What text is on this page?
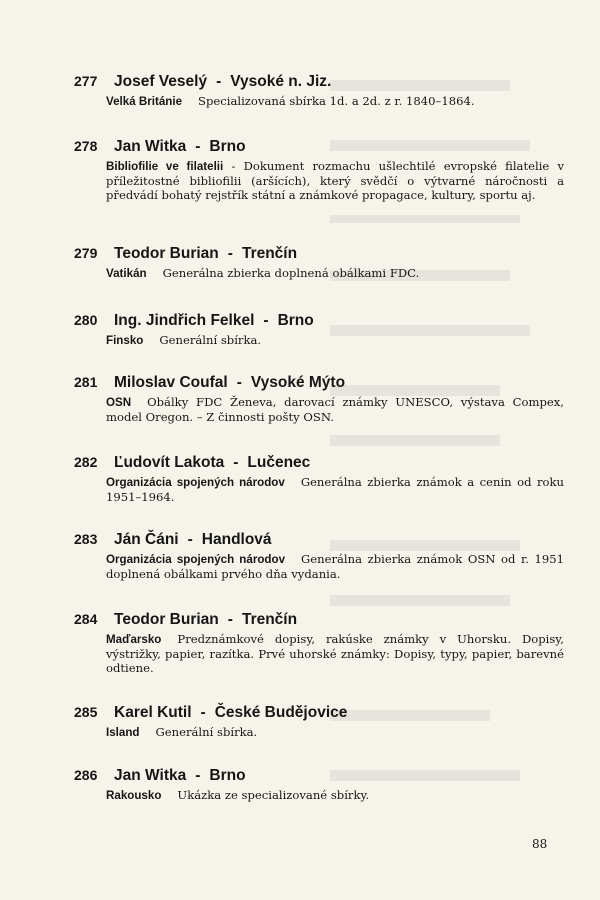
277 Josef Veselý - Vysoké n. Jiz.
Velká Británie Specializovaná sbírka 1d. a 2d. z r. 1840–1864.
278 Jan Witka - Brno
Bibliofilie ve filatelii - Dokument rozmachu ušlechtilé evropské filatelie v příležitostné bibliofilii (aršících), který svědčí o výtvarné náročnosti a předvádí bohatý rejstřík státní a známkové propagace, kultury, sportu aj.
279 Teodor Burian - Trenčín
Vatikán Generálna zbierka doplnená obálkami FDC.
280 Ing. Jindřich Felkel - Brno
Finsko Generální sbírka.
281 Miloslav Coufal - Vysoké Mýto
OSN Obálky FDC Ženeva, darovací známky UNESCO, výstava Compex, model Oregon. – Z činnosti pošty OSN.
282 Ľudovít Lakota - Lučenec
Organizácia spojených národov Generálna zbierka známok a cenin od roku 1951–1964.
283 Ján Čáni - Handlová
Organizácia spojených národov Generálna zbierka známok OSN od r. 1951 doplnená obálkami prvého dňa vydania.
284 Teodor Burian - Trenčín
Maďarsko Predznámkové dopisy, rakúske známky v Uhorsku. Dopisy, výstrižky, papier, razítka. Prvé uhorské známky: Dopisy, typy, papier, barevné odtiene.
285 Karel Kutil - České Budějovice
Island Generální sbírka.
286 Jan Witka - Brno
Rakousko Ukázka ze specializované sbírky.
88
